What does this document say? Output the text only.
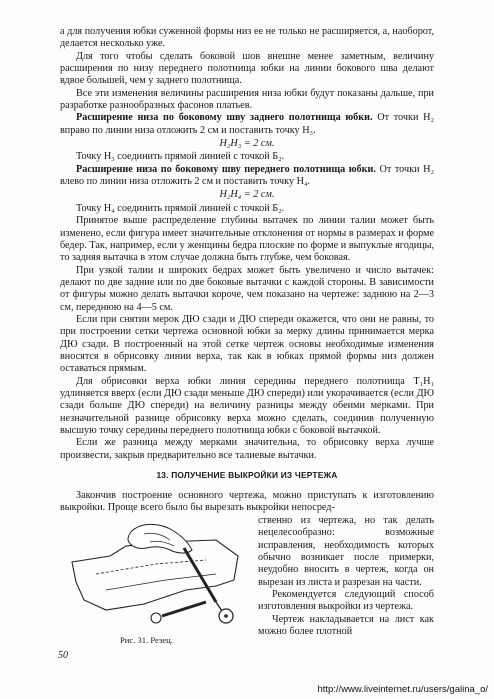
а для получения юбки суженной формы низ ее не только не расширяется, а, наоборот, делается несколько уже.

Для того чтобы сделать боковой шов внешне менее заметным, величину расширения по низу переднего полотнища юбки на линии бокового шва делают вдвое большей, чем у заднего полотнища.

Все эти изменения величины расширения низа юбки будут показаны дальше, при разработке разнообразных фасонов платьев.

Расширение низа по боковому шву заднего полотнища юбки. От точки Н₂ вправо по линии низа отложить 2 см и поставить точку Н₃.

Н₂Н₃ = 2 см.

Точку Н₃ соединить прямой линией с точкой Б₂.

Расширение низа по боковому шву переднего полотнища юбки. От точки Н₂ влево по линии низа отложить 2 см и поставить точку Н₄.

Н₂Н₄ = 2 см.

Точку Н₄ соединить прямой линией с точкой Б₂.

Принятое выше распределение глубины вытачек по линии талии может быть изменено, если фигура имеет значительные отклонения от нормы в размерах и форме бедер. Так, например, если у женщины бедра плоские по форме и выпуклые ягодицы, то задняя вытачка в этом случае должна быть глубже, чем боковая.

При узкой талии и широких бедрах может быть увеличено и число вытачек: делают по две задние или по две боковые вытачки с каждой стороны. В зависимости от фигуры можно делать вытачки короче, чем показано на чертеже: заднюю на 2—3 см, переднюю на 4—5 см.

Если при снятии мерок ДЮ сзади и ДЮ спереди окажется, что они не равны, то при построении сетки чертежа основной юбки за мерку длины принимается мерка ДЮ сзади. В построенный на этой сетке чертеж основы необходимые изменения вносятся в обрисовку линии верха, так как в юбках прямой формы низ должен оставаться прямым.

Для обрисовки верха юбки линия середины переднего полотнища Т₁Н₁ удлиняется вверх (если ДЮ сзади меньше ДЮ спереди) или укорачивается (если ДЮ сзади больше ДЮ спереди) на величину разницы между обеими мерками. При незначительной разнице обрисовку верха можно сделать, соединив полученную высшую точку середины переднего полотнища юбки с боковой вытачкой.

Если же разница между мерками значительна, то обрисовку верха лучше произвести, закрыв предварительно все талиевые вытачки.

13. ПОЛУЧЕНИЕ ВЫКРОЙКИ ИЗ ЧЕРТЕЖА

Закончив построение основного чертежа, можно приступать к изготовлению выкройки. Проще всего было бы вырезать выкройки непосред-

ственно из чертежа, но так делать нецелесообразно: возможные исправления, необходимость которых обычно возникает после примерки, неудобно вносить в чертеж, когда он вырезан из листа и разрезан на части.

Рекомендуется следующий способ изготовления выкройки из чертежа.

Чертеж накладывается на лист как можно более плотной

Рис. 31. Резец.
50
http://www.liveinternet.ru/users/galina_o/
